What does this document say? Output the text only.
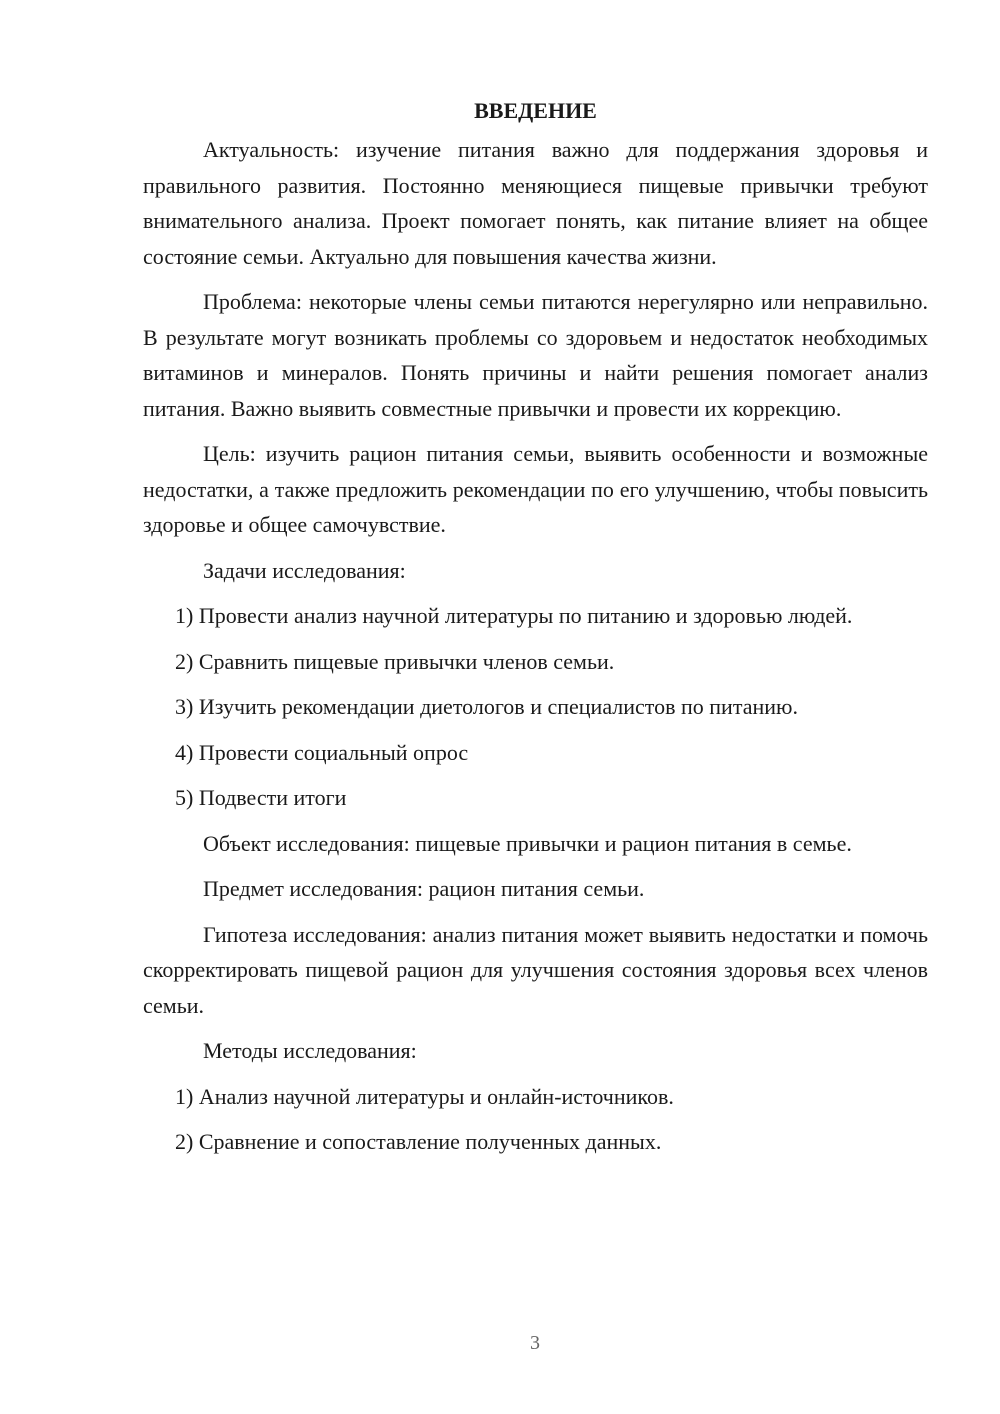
ВВЕДЕНИЕ

Актуальность: изучение питания важно для поддержания здоровья и правильного развития. Постоянно меняющиеся пищевые привычки требуют внимательного анализа. Проект помогает понять, как питание влияет на общее состояние семьи. Актуально для повышения качества жизни.

Проблема: некоторые члены семьи питаются нерегулярно или неправильно. В результате могут возникать проблемы со здоровьем и недостаток необходимых витаминов и минералов. Понять причины и найти решения помогает анализ питания. Важно выявить совместные привычки и провести их коррекцию.

Цель: изучить рацион питания семьи, выявить особенности и возможные недостатки, а также предложить рекомендации по его улучшению, чтобы повысить здоровье и общее самочувствие.

Задачи исследования:

1) Провести анализ научной литературы по питанию и здоровью людей.

2) Сравнить пищевые привычки членов семьи.

3) Изучить рекомендации диетологов и специалистов по питанию.

4) Провести социальный опрос

5) Подвести итоги

Объект исследования: пищевые привычки и рацион питания в семье.

Предмет исследования: рацион питания семьи.

Гипотеза исследования: анализ питания может выявить недостатки и помочь скорректировать пищевой рацион для улучшения состояния здоровья всех членов семьи.

Методы исследования:

1) Анализ научной литературы и онлайн-источников.

2) Сравнение и сопоставление полученных данных.

3
